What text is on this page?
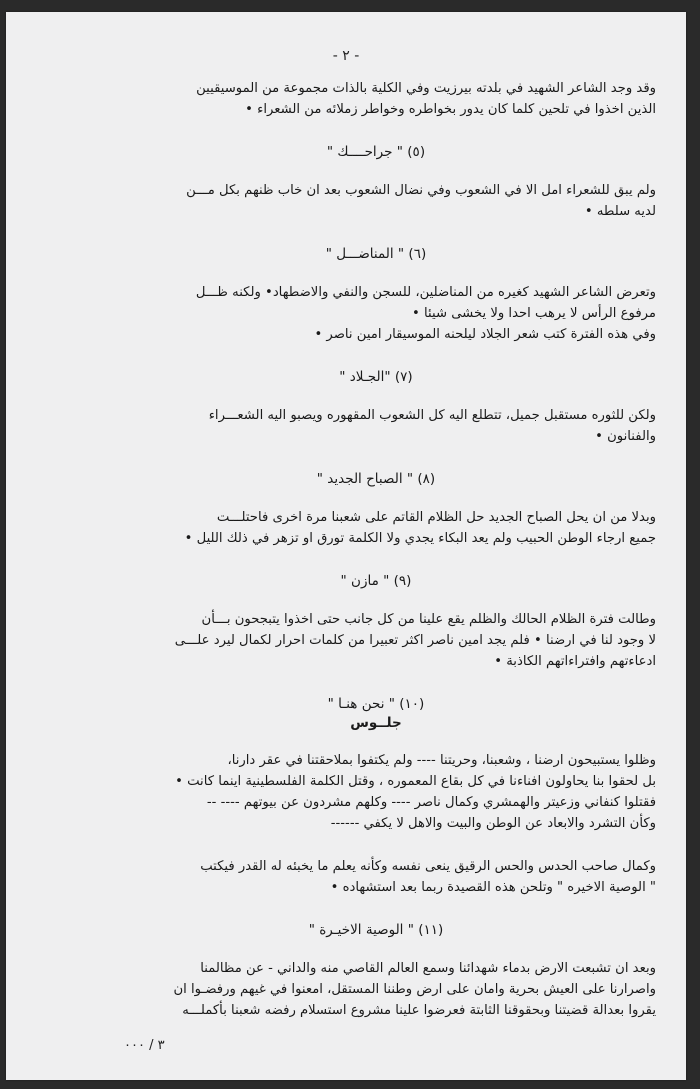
- ٢ -

وقد وجد الشاعر الشهيد في بلدته بيرزيت وفي الكلية بالذات مجموعة من الموسيقيين

الذين اخذوا في تلحين كلما كان يدور بخواطره وخواطر زملائه من الشعراء •

(٥) " جراحــــك "

ولم يبق للشعراء امل الا في الشعوب وفي نضال الشعوب بعد ان خاب ظنهم بكل مـــن

لديه سلطه •

(٦) " المناضـــل "

وتعرض الشاعر الشهيد كغيره من المناضلين، للسجن والنفي والاضطهاد• ولكنه ظـــل

مرفوع الرأس لا يرهب احدا ولا يخشى شيئا •

وفي هذه الفترة كتب شعر الجلاد ليلحنه الموسيقار امين ناصر •

(٧) "الجـلاد "

ولكن للثوره مستقبل جميل، تتطلع اليه كل الشعوب المقهوره ويصبو اليه الشعـــراء

والفنانون •

(٨) " الصباح الجديد "

وبدلا من ان يحل الصباح الجديد حل الظلام القاتم على شعبنا مرة اخرى فاحتلـــت

جميع ارجاء الوطن الحبيب ولم يعد البكاء يجدي ولا الكلمة تورق او تزهر في ذلك الليل •

(٩) " مازن "

وطالت فترة الظلام الحالك والظلم يقع علينا من كل جانب حتى اخذوا يتبجحون بـــأن

لا وجود لنا في ارضنا • فلم يجد امين ناصر اكثر تعبيرا من كلمات احرار لكمال ليرد علـــى

ادعاءتهم وافتراءاتهم الكاذبة •

(١٠) " نحن هنـا "

جلــوس

وظلوا يستبيحون ارضنا ، وشعبنا، وحريتنا ---- ولم يكتفوا بملاحقتنا في عقر دارنا،

بل لحقوا بنا يحاولون افناءنا في كل بقاع المعموره ، وقتل الكلمة الفلسطينية اينما كانت •

فقتلوا كنفاني وزعيتر والهمشري وكمال ناصر ---- وكلهم مشردون عن بيوتهم ---- --

وكأن التشرد والابعاد عن الوطن والبيت والاهل لا يكفي ------

وكمال صاحب الحدس والحس الرقيق ينعى نفسه وكأنه يعلم ما يخبئه له القدر فيكتب

" الوصية الاخيره " وتلحن هذه القصيدة ربما بعد استشهاده •

(١١) " الوصية الاخيـرة "

وبعد ان تشبعت الارض بدماء شهدائنا وسمع العالم القاصي منه والداني - عن مظالمنا

واصرارنا على العيش بحرية وامان على ارض وطننا المستقل، امعنوا في غيهم ورفضـوا ان

يقروا بعدالة قضيتنا وبحقوقنا الثابتة فعرضوا علينا مشروع استسلام رفضه شعبنا بأكملـــه

٣ / ٠٠٠
